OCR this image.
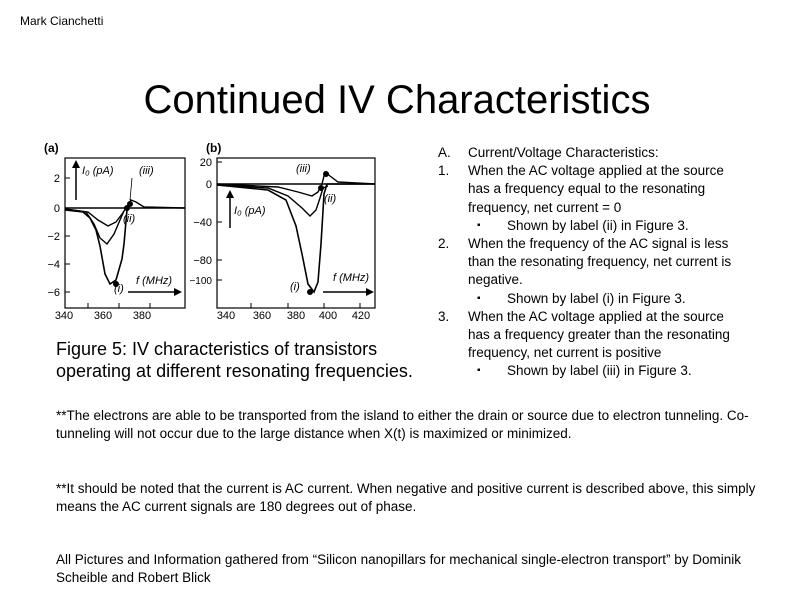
Mark Cianchetti
Continued IV Characteristics
(a)
2
0
−2
−4
−6
340 360 380
I₀ (pA)
f (MHz)
(iii)
(ii)
(i)
(b)
20
0
−40
−80
−100
340 360 380 400 420
I₀ (pA)
f (MHz)
(iii)
(ii)
(i)
Figure 5: IV characteristics of transistors operating at different resonating frequencies.
A. Current/Voltage Characteristics:
1. When the AC voltage applied at the source has a frequency equal to the resonating frequency, net current = 0
▪ Shown by label (ii) in Figure 3.
2. When the frequency of the AC signal is less than the resonating frequency, net current is negative.
▪ Shown by label (i) in Figure 3.
3. When the AC voltage applied at the source has a frequency greater than the resonating frequency, net current is positive
▪ Shown by label (iii) in Figure 3.
**The electrons are able to be transported from the island to either the drain or source due to electron tunneling. Co-tunneling will not occur due to the large distance when X(t) is maximized or minimized.
**It should be noted that the current is AC current. When negative and positive current is described above, this simply means the AC current signals are 180 degrees out of phase.
All Pictures and Information gathered from “Silicon nanopillars for mechanical single-electron transport” by Dominik Scheible and Robert Blick
